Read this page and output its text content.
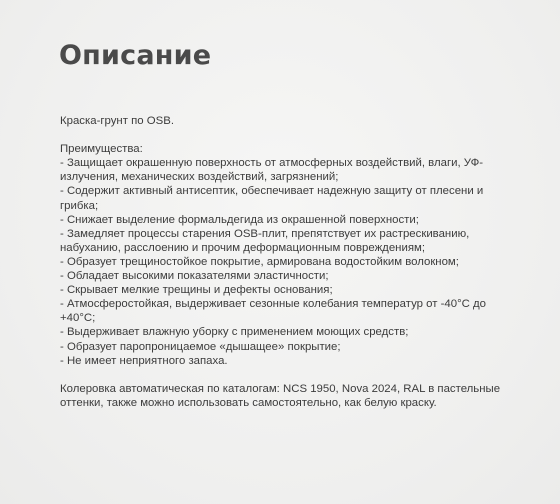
Описание

Краска-грунт по OSB.

Преимущества:

- Защищает окрашенную поверхность от атмосферных воздействий, влаги, УФ-излучения, механических воздействий, загрязнений;
- Содержит активный антисептик, обеспечивает надежную защиту от плесени и грибка;
- Снижает выделение формальдегида из окрашенной поверхности;
- Замедляет процессы старения OSB-плит, препятствует их растрескиванию, набуханию, расслоению и прочим деформационным повреждениям;
- Образует трещиностойкое покрытие, армирована водостойким волокном;
- Обладает высокими показателями эластичности;
- Скрывает мелкие трещины и дефекты основания;
- Атмосферостойкая, выдерживает сезонные колебания температур от -40°С до +40°С;
- Выдерживает влажную уборку с применением моющих средств;
- Образует паропроницаемое «дышащее» покрытие;
- Не имеет неприятного запаха.

Колеровка автоматическая по каталогам: NCS 1950, Nova 2024, RAL в пастельные оттенки, также можно использовать самостоятельно, как белую краску.
